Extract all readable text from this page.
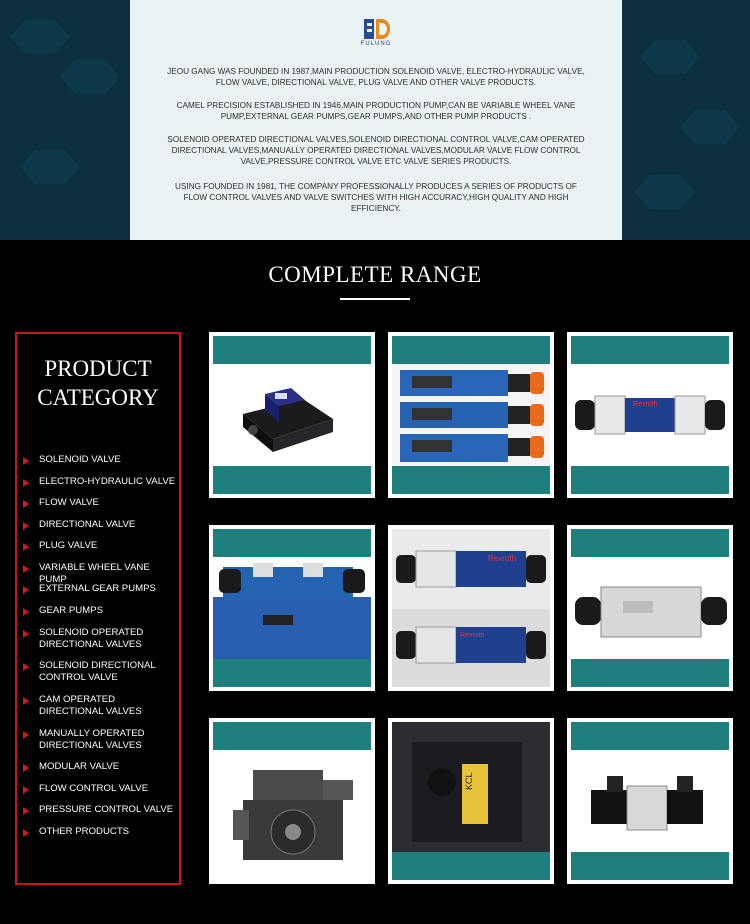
FULUNG
JEOU GANG WAS FOUNDED IN 1987,MAIN PRODUCTION SOLENOID VALVE, ELECTRO-HYDRAULIC VALVE, FLOW VALVE, DIRECTIONAL VALVE, PLUG VALVE AND OTHER VALVE PRODUCTS.
CAMEL PRECISION ESTABLISHED IN 1946,MAIN PRODUCTION PUMP,CAN BE VARIABLE WHEEL VANE PUMP,EXTERNAL GEAR PUMPS,GEAR PUMPS,AND OTHER PUMP PRODUCTS .
SOLENOID OPERATED DIRECTIONAL VALVES,SOLENOID DIRECTIONAL CONTROL VALVE,CAM OPERATED DIRECTIONAL VALVES,MANUALLY OPERATED DIRECTIONAL VALVES,MODULAR VALVE FLOW CONTROL VALVE,PRESSURE CONTROL VALVE ETC VALVE SERIES PRODUCTS.
USING FOUNDED IN 1981, THE COMPANY PROFESSIONALLY PRODUCES A SERIES OF PRODUCTS OF FLOW CONTROL VALVES AND VALVE SWITCHES WITH HIGH ACCURACY,HIGH QUALITY AND HIGH EFFICIENCY.
COMPLETE RANGE
PRODUCT
CATEGORY
SOLENOID VALVE
ELECTRO-HYDRAULIC VALVE
FLOW VALVE
DIRECTIONAL VALVE
PLUG VALVE
VARIABLE WHEEL VANE PUMP
EXTERNAL GEAR PUMPS
GEAR PUMPS
SOLENOID OPERATED DIRECTIONAL VALVES
SOLENOID DIRECTIONAL CONTROL VALVE
CAM OPERATED DIRECTIONAL VALVES
MANUALLY OPERATED DIRECTIONAL VALVES
MODULAR VALVE
FLOW CONTROL VALVE
PRESSURE CONTROL VALVE
OTHER PRODUCTS
Rexroth
Rexroth
Rexroth
KCL
